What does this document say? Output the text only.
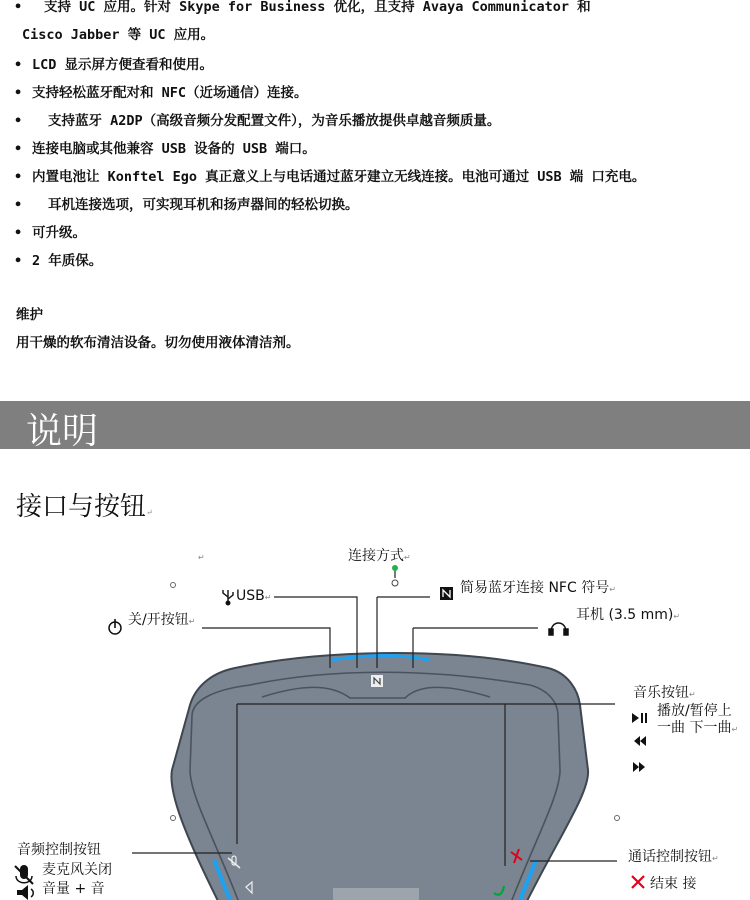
• 支持 UC 应用。针对 Skype for Business 优化，且支持 Avaya Communicator 和
Cisco Jabber 等 UC 应用。
• LCD 显示屏方便查看和使用。
• 支持轻松蓝牙配对和 NFC（近场通信）连接。
• 支持蓝牙 A2DP（高级音频分发配置文件），为音乐播放提供卓越音频质量。
• 连接电脑或其他兼容 USB 设备的 USB 端口。
• 内置电池让 Konftel Ego 真正意义上与电话通过蓝牙建立无线连接。电池可通过 USB 端 口充电。
• 耳机连接选项，可实现耳机和扬声器间的轻松切换。
• 可升级。
• 2 年质保。
维护
用干燥的软布清洁设备。切勿使用液体清洁剂。
说明
接口与按钮↵
连接方式↵
↵
USB↵
简易蓝牙连接 NFC 符号↵
关/开按钮↵	耳机 (3.5 mm)↵
音乐按钮↵
播放/暂停上
一曲 下一曲↵
音频控制按钮
麦克风关闭
音量 + 音
通话控制按钮↵
结束 接
